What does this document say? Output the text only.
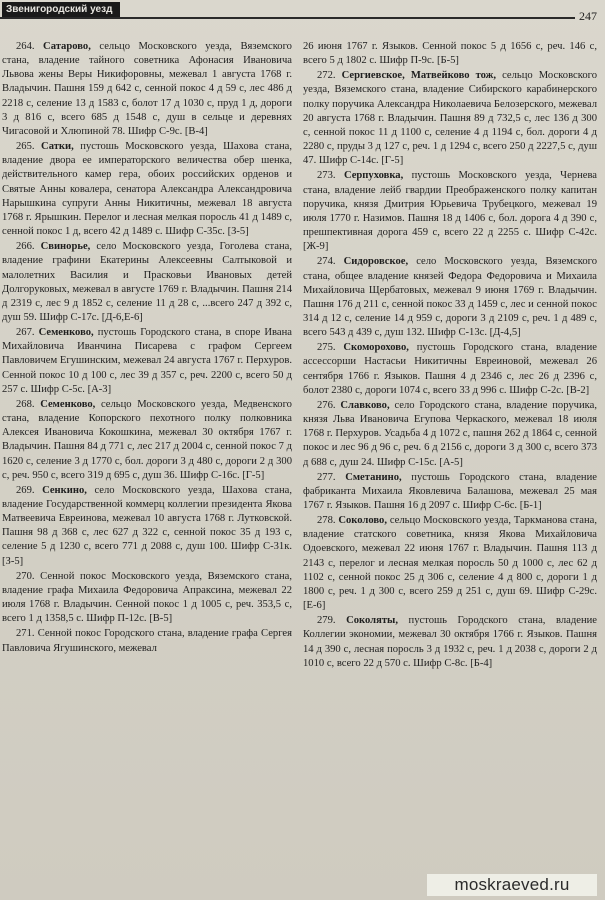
Звенигородский уезд	247

264. Сатарово, сельцо Московского уезда, Вяземского стана, владение тайного советника Афонасия Ивановича Львова жены Веры Никифоровны, межевал 1 августа 1768 г. Владычин. Пашня 159 д 642 с, сенной покос 4 д 59 с, лес 486 д 2218 с, селение 13 д 1583 с, болот 17 д 1030 с, пруд 1 д, дороги 3 д 816 с, всего 685 д 1548 с, душ в сельце и деревнях Чигасовой и Хлюпиной 78. Шифр С-9с. [В-4]

265. Сатки, пустошь Московского уезда, Шахова стана, владение двора ее императорского величества обер шенка, действительного камер гера, обоих российских орденов и Святые Анны ковалера, сенатора Александра Александровича Нарышкина супруги Анны Никитичны, межевал 18 августа 1768 г. Ярышкин. Перелог и лесная мелкая поросль 41 д 1489 с, сенной покос 1 д, всего 42 д 1489 с. Шифр С-35с. [З-5]

266. Свинорье, село Московского уезда, Гоголева стана, владение графини Екатерины Алексеевны Салтыковой и малолетних Василия и Прасковьи Ивановых детей Долгоруковых, межевал в августе 1769 г. Владычин. Пашня 214 д 2319 с, лес 9 д 1852 с, селение 11 д 28 с, ...всего 247 д 392 с, душ 59. Шифр С-17с. [Д-6,Е-6]

267. Семенково, пустошь Городского стана, в споре Ивана Михайловича Иванчина Писарева с графом Сергеем Павловичем Егушинским, межевал 24 августа 1767 г. Перхуров. Сенной покос 10 д 100 с, лес 39 д 357 с, реч. 2200 с, всего 50 д 257 с. Шифр С-5с. [А-3]

268. Семенково, сельцо Московского уезда, Медвенского стана, владение Копорского пехотного полку полковника Алексея Ивановича Кокошкина, межевал 30 октября 1767 г. Владычин. Пашня 84 д 771 с, лес 217 д 2004 с, сенной покос 7 д 1620 с, селение 3 д 1770 с, бол. дороги 3 д 480 с, дороги 2 д 300 с, реч. 950 с, всего 319 д 695 с, душ 36. Шифр С-16с. [Г-5]

269. Сенкино, село Московского уезда, Шахова стана, владение Государственной коммерц коллегии президента Якова Матвеевича Евреинова, межевал 10 августа 1768 г. Лутковской. Пашня 98 д 368 с, лес 627 д 322 с, сенной покос 35 д 193 с, селение 5 д 1230 с, всего 771 д 2088 с, душ 100. Шифр С-31к. [З-5]

270. Сенной покос Московского уезда, Вяземского стана, владение графа Михаила Федоровича Апраксина, межевал 22 июля 1768 г. Владычин. Сенной покос 1 д 1005 с, реч. 353,5 с, всего 1 д 1358,5 с. Шифр П-12с. [В-5]

271. Сенной покос Городского стана, владение графа Сергея Павловича Ягушинского, межевал

26 июня 1767 г. Языков. Сенной покос 5 д 1656 с, реч. 146 с, всего 5 д 1802 с. Шифр П-9с. [Б-5]

272. Сергиевское, Матвейково тож, сельцо Московского уезда, Вяземского стана, владение Сибирского карабинерского полку поручика Александра Николаевича Белозерского, межевал 20 августа 1768 г. Владычин. Пашня 89 д 732,5 с, лес 136 д 300 с, сенной покос 11 д 1100 с, селение 4 д 1194 с, бол. дороги 4 д 2280 с, пруды 3 д 127 с, реч. 1 д 1294 с, всего 250 д 2227,5 с, душ 47. Шифр С-14с. [Г-5]

273. Серпуховка, пустошь Московского уезда, Чернева стана, владение лейб гвардии Преображенского полку капитан поручика, князя Дмитрия Юрьевича Трубецкого, межевал 19 июля 1770 г. Назимов. Пашня 18 д 1406 с, бол. дорога 4 д 390 с, прешпективная дорога 459 с, всего 22 д 2255 с. Шифр С-42с. [Ж-9]

274. Сидоровское, село Московского уезда, Вяземского стана, общее владение князей Федора Федоровича и Михаила Михайловича Щербатовых, межевал 9 июня 1769 г. Владычин. Пашня 176 д 211 с, сенной покос 33 д 1459 с, лес и сенной покос 314 д 12 с, селение 14 д 959 с, дороги 3 д 2109 с, реч. 1 д 489 с, всего 543 д 439 с, душ 132. Шифр С-13с. [Д-4,5]

275. Скоморохово, пустошь Городского стана, владение ассессорши Настасьи Никитичны Евреиновой, межевал 26 сентября 1766 г. Языков. Пашня 4 д 2346 с, лес 26 д 2396 с, болот 2380 с, дороги 1074 с, всего 33 д 996 с. Шифр С-2с. [В-2]

276. Славково, село Городского стана, владение поручика, князя Льва Ивановича Егупова Черкаского, межевал 18 июля 1768 г. Перхуров. Усадьба 4 д 1072 с, пашня 262 д 1864 с, сенной покос и лес 96 д 96 с, реч. 6 д 2156 с, дороги 3 д 300 с, всего 373 д 688 с, душ 24. Шифр С-15с. [А-5]

277. Сметанино, пустошь Городского стана, владение фабриканта Михаила Яковлевича Балашова, межевал 25 мая 1767 г. Языков. Пашня 16 д 2097 с. Шифр С-6с. [Б-1]

278. Соколово, сельцо Московского уезда, Таркманова стана, владение статского советника, князя Якова Михайловича Одоевского, межевал 22 июня 1767 г. Владычин. Пашня 113 д 2143 с, перелог и лесная мелкая поросль 50 д 1000 с, лес 62 д 1102 с, сенной покос 25 д 306 с, селение 4 д 800 с, дороги 1 д 1800 с, реч. 1 д 300 с, всего 259 д 251 с, душ 69. Шифр С-29с. [Е-6]

279. Соколяты, пустошь Городского стана, владение Коллегии экономии, межевал 30 октября 1766 г. Языков. Пашня 14 д 390 с, лесная поросль 3 д 1932 с, реч. 1 д 2038 с, дороги 2 д 1010 с, всего 22 д 570 с. Шифр С-8с. [Б-4]

moskraeved.ru
